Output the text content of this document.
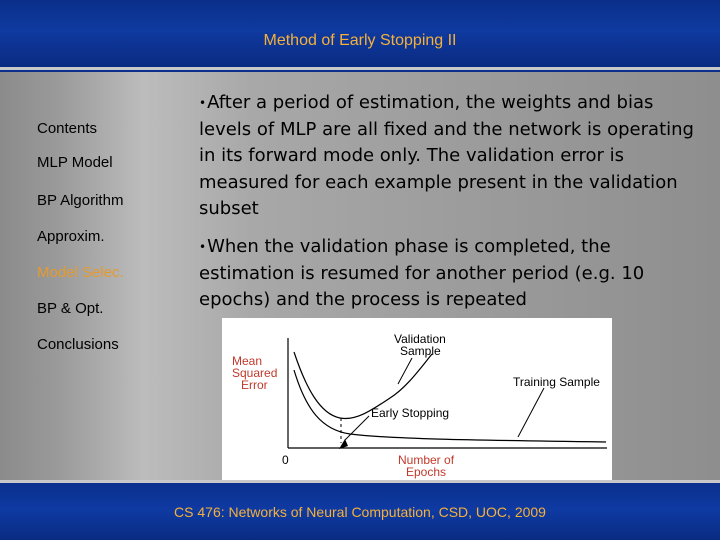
Method of Early Stopping II
Contents
MLP Model
BP Algorithm
Approxim.
Model Selec.
BP & Opt.
Conclusions
•After a period of estimation, the weights and bias levels of MLP are all fixed and the network is operating in its forward mode only. The validation error is measured for each example present in the validation subset
•When the validation phase is completed, the estimation is resumed for another period (e.g. 10 epochs) and the process is repeated
Mean
Squared
Error
Validation
Sample
Training Sample
Early Stopping
0	Number of
Epochs
CS 476: Networks of Neural Computation, CSD, UOC, 2009
